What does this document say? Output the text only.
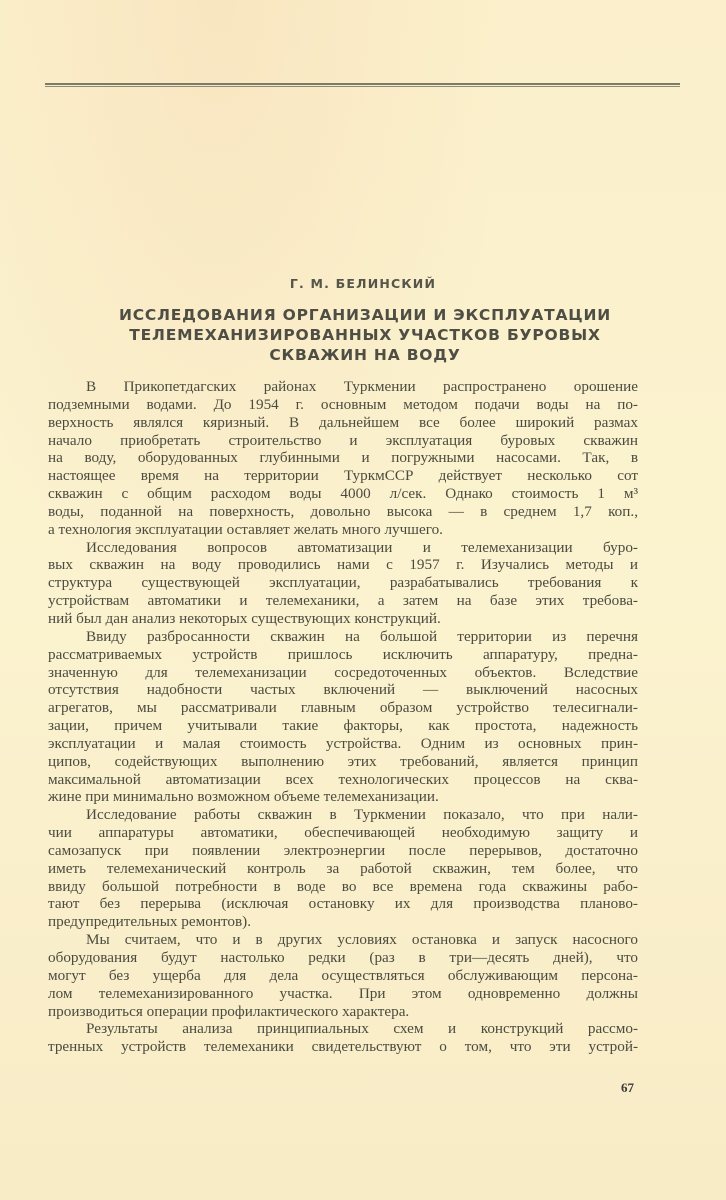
Г. М. БЕЛИНСКИЙ
ИССЛЕДОВАНИЯ ОРГАНИЗАЦИИ И ЭКСПЛУАТАЦИИ
ТЕЛЕМЕХАНИЗИРОВАННЫХ УЧАСТКОВ БУРОВЫХ
СКВАЖИН НА ВОДУ
В Прикопетдагских районах Туркмении распространено орошение
подземными водами. До 1954 г. основным методом подачи воды на по-
верхность являлся кяризный. В дальнейшем все более широкий размах
начало приобретать строительство и эксплуатация буровых скважин
на воду, оборудованных глубинными и погружными насосами. Так, в
настоящее время на территории ТуркмССР действует несколько сот
скважин с общим расходом воды 4000 л/сек. Однако стоимость 1 м³
воды, поданной на поверхность, довольно высока — в среднем 1,7 коп.,
а технология эксплуатации оставляет желать много лучшего.
Исследования вопросов автоматизации и телемеханизации буро-
вых скважин на воду проводились нами с 1957 г. Изучались методы и
структура существующей эксплуатации, разрабатывались требования к
устройствам автоматики и телемеханики, а затем на базе этих требова-
ний был дан анализ некоторых существующих конструкций.
Ввиду разбросанности скважин на большой территории из перечня
рассматриваемых устройств пришлось исключить аппаратуру, предна-
значенную для телемеханизации сосредоточенных объектов. Вследствие
отсутствия надобности частых включений — выключений насосных
агрегатов, мы рассматривали главным образом устройство телесигнали-
зации, причем учитывали такие факторы, как простота, надежность
эксплуатации и малая стоимость устройства. Одним из основных прин-
ципов, содействующих выполнению этих требований, является принцип
максимальной автоматизации всех технологических процессов на сква-
жине при минимально возможном объеме телемеханизации.
Исследование работы скважин в Туркмении показало, что при нали-
чии аппаратуры автоматики, обеспечивающей необходимую защиту и
самозапуск при появлении электроэнергии после перерывов, достаточно
иметь телемеханический контроль за работой скважин, тем более, что
ввиду большой потребности в воде во все времена года скважины рабо-
тают без перерыва (исключая остановку их для производства планово-
предупредительных ремонтов).
Мы считаем, что и в других условиях остановка и запуск насосного
оборудования будут настолько редки (раз в три—десять дней), что
могут без ущерба для дела осуществляться обслуживающим персона-
лом телемеханизированного участка. При этом одновременно должны
производиться операции профилактического характера.
Результаты анализа принципиальных схем и конструкций рассмо-
тренных устройств телемеханики свидетельствуют о том, что эти устрой-
67
